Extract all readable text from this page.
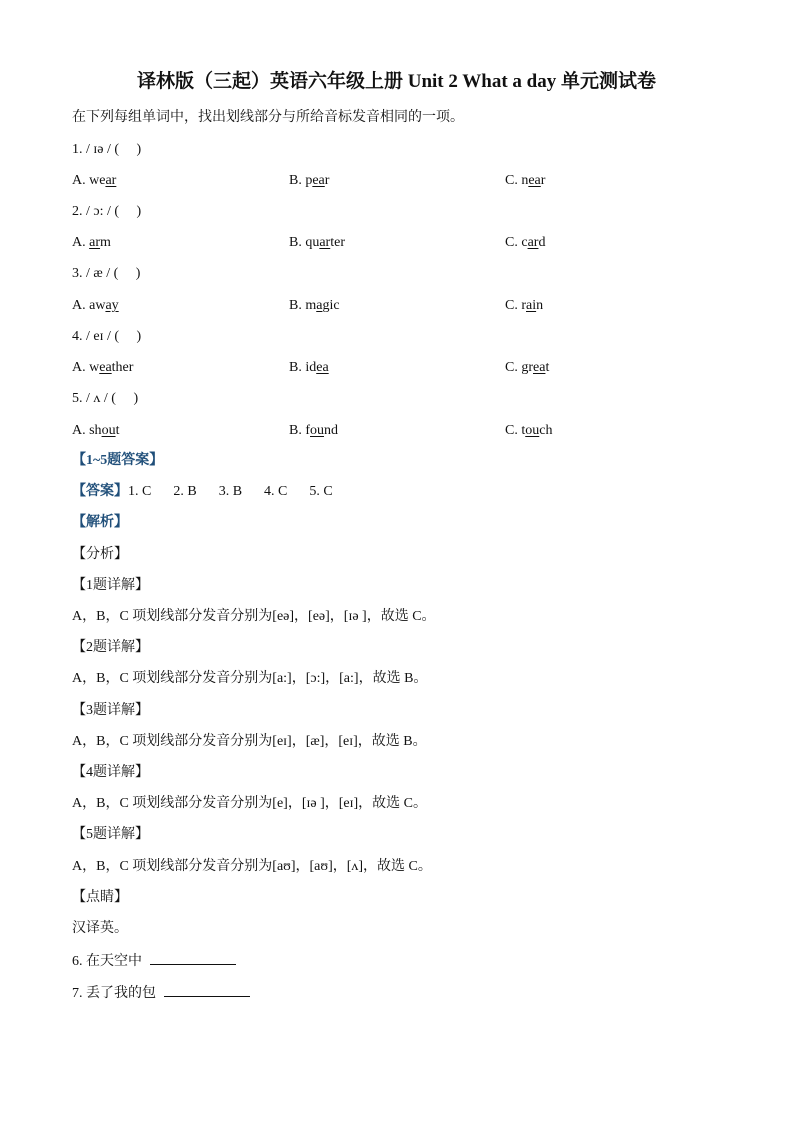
译林版（三起）英语六年级上册 Unit 2 What a day 单元测试卷
在下列每组单词中，找出划线部分与所给音标发音相同的一项。
1. / ɪə / (　 )
A. wear	B. pear	C. near
2. / ɔ: / (　 )
A. arm	B. quarter	C. card
3. / æ / (　 )
A. away	B. magic	C. rain
4. / eɪ / (　 )
A. weather	B. idea	C. great
5. / ʌ / (　 )
A. shout	B. found	C. touch
【1~5题答案】
【答案】1. C 2. B 3. B 4. C 5. C
【解析】
【分析】
【1题详解】
A，B，C 项划线部分发音分别为[eə]，[eə]，[ɪə ]，故选 C。
【2题详解】
A，B，C 项划线部分发音分别为[a:]，[ɔ:]，[a:]，故选 B。
【3题详解】
A，B，C 项划线部分发音分别为[eɪ]，[æ]，[eɪ]，故选 B。
【4题详解】
A，B，C 项划线部分发音分别为[e]，[ɪə ]，[eɪ]，故选 C。
【5题详解】
A，B，C 项划线部分发音分别为[aʊ]，[aʊ]，[ʌ]，故选 C。
【点睛】
汉译英。
6. 在天空中
7. 丢了我的包
